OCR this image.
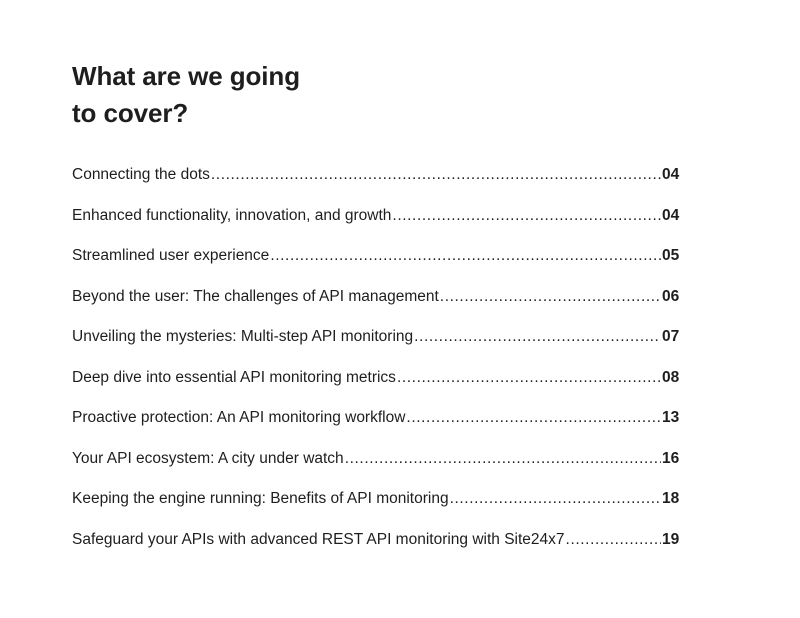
What are we going
to cover?
Connecting the dots .....	04
Enhanced functionality, innovation, and growth .....	04
Streamlined user experience .....	05
Beyond the user: The challenges of API management .....	06
Unveiling the mysteries: Multi-step API monitoring .....	07
Deep dive into essential API monitoring metrics .....	08
Proactive protection: An API monitoring workflow .....	13
Your API ecosystem: A city under watch .....	16
Keeping the engine running: Benefits of API monitoring .....	18
Safeguard your APIs with advanced REST API monitoring with Site24x7 .....	19
